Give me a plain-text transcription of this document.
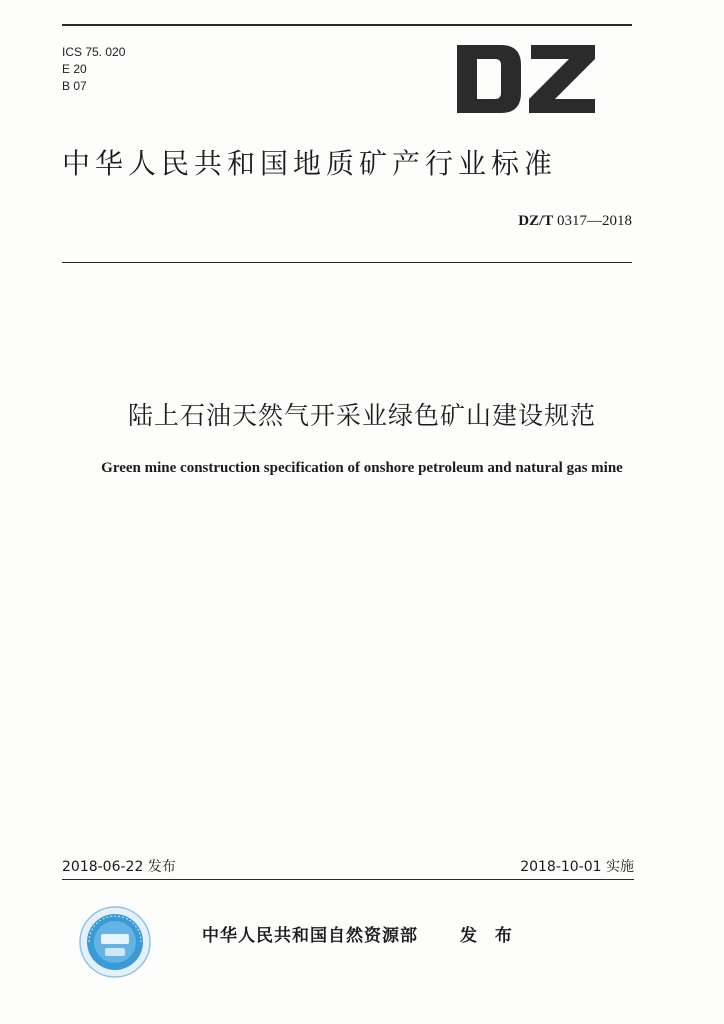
ICS 75. 020
E 20
B 07
中华人民共和国地质矿产行业标准
DZ/T 0317—2018
陆上石油天然气开采业绿色矿山建设规范
Green mine construction specification of onshore petroleum and natural gas mine
2018-06-22 发布	2018-10-01 实施
中华人民共和国自然资源部 发 布
